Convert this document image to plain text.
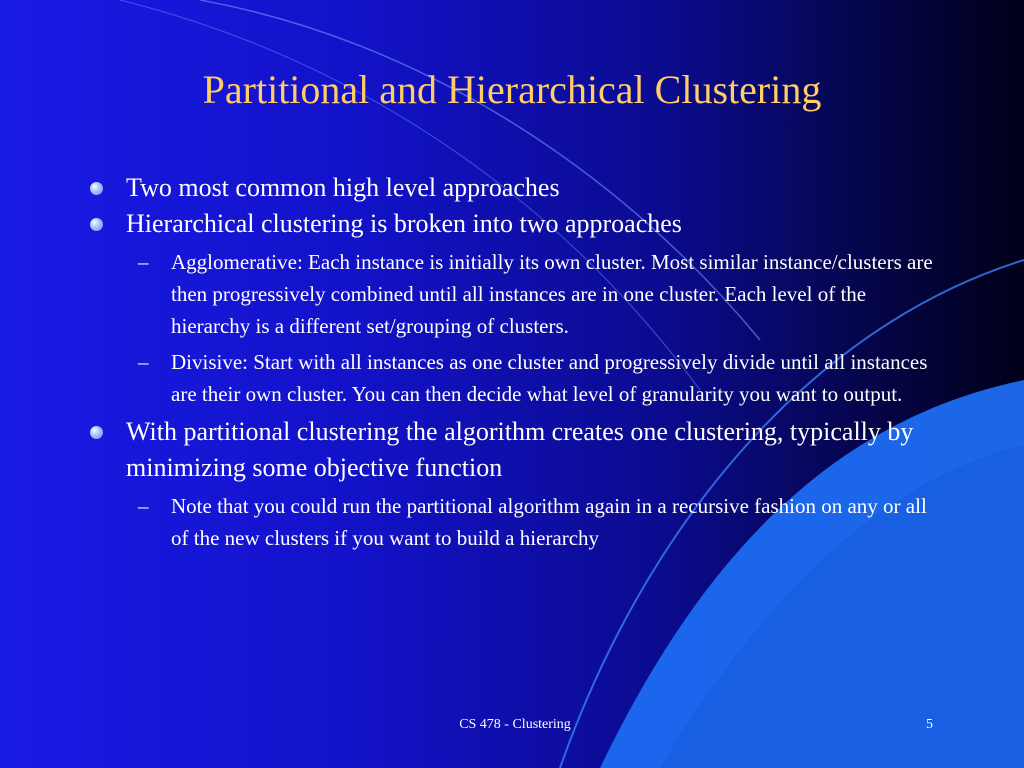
Partitional and Hierarchical Clustering
Two most common high level approaches
Hierarchical clustering is broken into two approaches
– Agglomerative: Each instance is initially its own cluster. Most similar instance/clusters are then progressively combined until all instances are in one cluster. Each level of the hierarchy is a different set/grouping of clusters.
– Divisive: Start with all instances as one cluster and progressively divide until all instances are their own cluster. You can then decide what level of granularity you want to output.
With partitional clustering the algorithm creates one clustering, typically by minimizing some objective function
– Note that you could run the partitional algorithm again in a recursive fashion on any or all of the new clusters if you want to build a hierarchy
CS 478 - Clustering	5
